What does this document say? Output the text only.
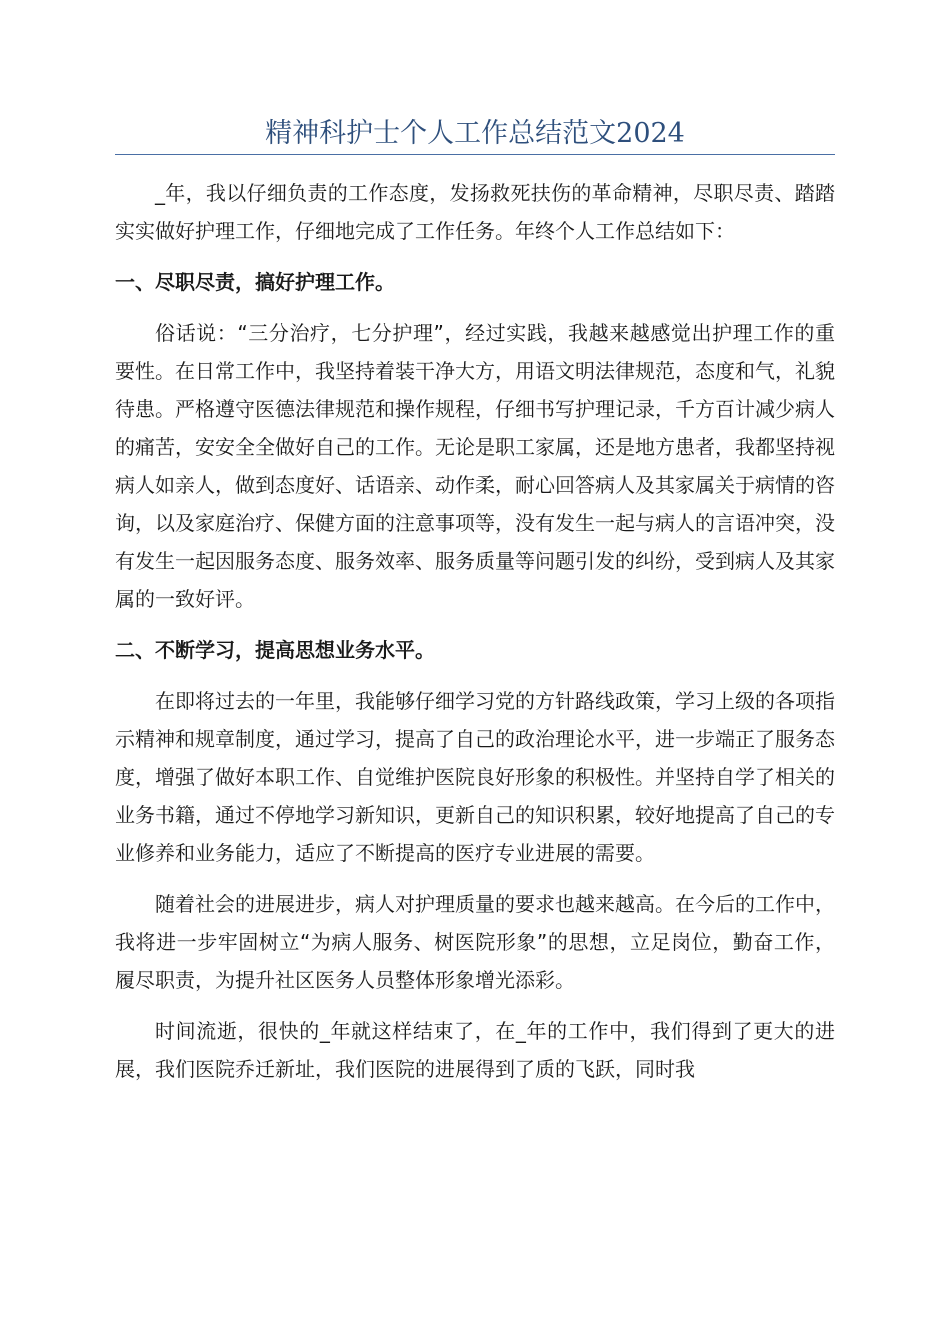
精神科护士个人工作总结范文2024

_年，我以仔细负责的工作态度，发扬救死扶伤的革命精神，尽职尽责、踏踏实实做好护理工作，仔细地完成了工作任务。年终个人工作总结如下：

一、尽职尽责，搞好护理工作。

俗话说：“三分治疗，七分护理”，经过实践，我越来越感觉出护理工作的重要性。在日常工作中，我坚持着装干净大方，用语文明法律规范，态度和气，礼貌待患。严格遵守医德法律规范和操作规程，仔细书写护理记录，千方百计减少病人的痛苦，安安全全做好自己的工作。无论是职工家属，还是地方患者，我都坚持视病人如亲人，做到态度好、话语亲、动作柔，耐心回答病人及其家属关于病情的咨询，以及家庭治疗、保健方面的注意事项等，没有发生一起与病人的言语冲突，没有发生一起因服务态度、服务效率、服务质量等问题引发的纠纷，受到病人及其家属的一致好评。

二、不断学习，提高思想业务水平。

在即将过去的一年里，我能够仔细学习党的方针路线政策，学习上级的各项指示精神和规章制度，通过学习，提高了自己的政治理论水平，进一步端正了服务态度，增强了做好本职工作、自觉维护医院良好形象的积极性。并坚持自学了相关的业务书籍，通过不停地学习新知识，更新自己的知识积累，较好地提高了自己的专业修养和业务能力，适应了不断提高的医疗专业进展的需要。

随着社会的进展进步，病人对护理质量的要求也越来越高。在今后的工作中，我将进一步牢固树立“为病人服务、树医院形象”的思想，立足岗位，勤奋工作，履尽职责，为提升社区医务人员整体形象增光添彩。

时间流逝，很快的_年就这样结束了，在_年的工作中，我们得到了更大的进展，我们医院乔迁新址，我们医院的进展得到了质的飞跃，同时我
